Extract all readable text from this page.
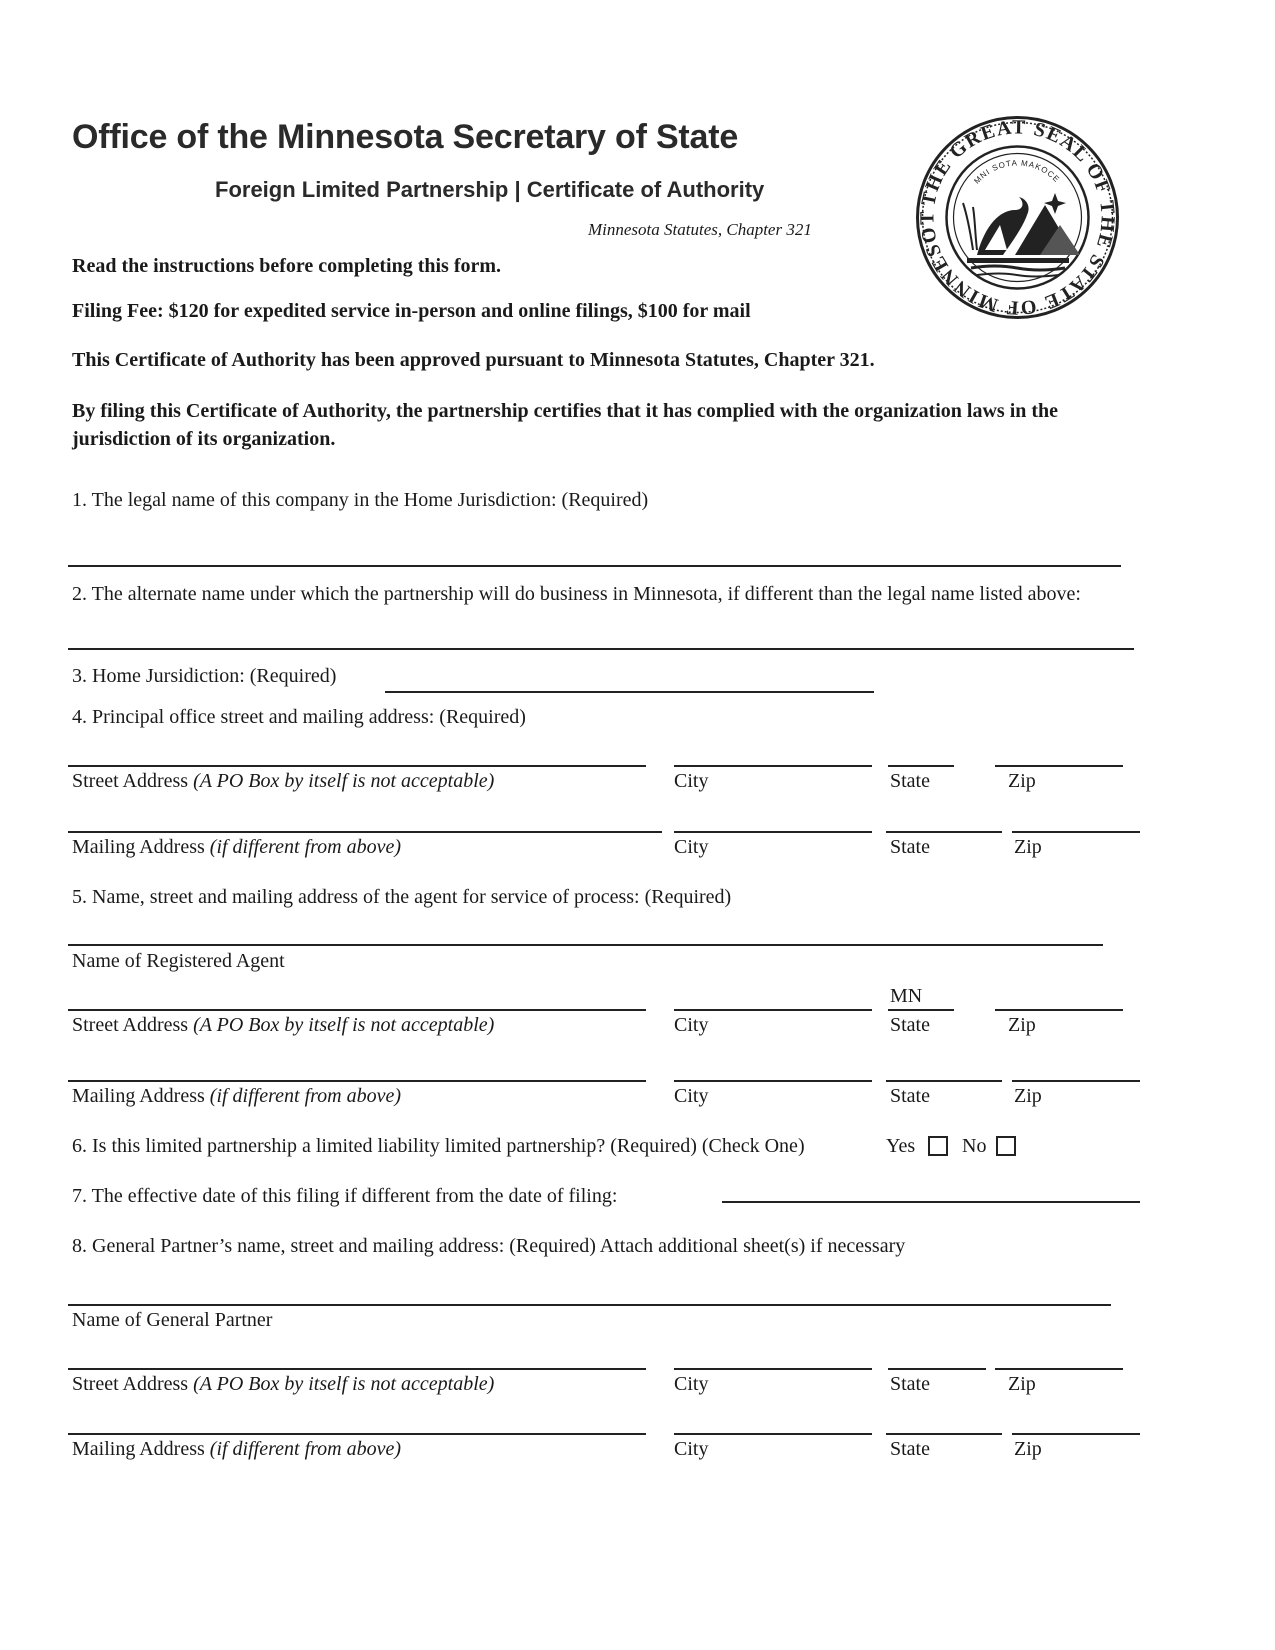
Office of the Minnesota Secretary of State
Foreign Limited Partnership | Certificate of Authority
Minnesota Statutes, Chapter 321
THE GREAT SEAL OF THE STATE OF MINNESOT
MNI SOTA MAKOCE
Read the instructions before completing this form.
Filing Fee: $120 for expedited service in-person and online filings, $100 for mail
This Certificate of Authority has been approved pursuant to Minnesota Statutes, Chapter 321.
By filing this Certificate of Authority, the partnership certifies that it has complied with the organization laws in the jurisdiction of its organization.
1. The legal name of this company in the Home Jurisdiction: (Required)
2. The alternate name under which the partnership will do business in Minnesota, if different than the legal name listed above:
3. Home Jursidiction: (Required)
4. Principal office street and mailing address: (Required)
Street Address (A PO Box by itself is not acceptable)	City	State	Zip
Mailing Address (if different from above)	City	State	Zip
5. Name, street and mailing address of the agent for service of process: (Required)
Name of Registered Agent
MN
Street Address (A PO Box by itself is not acceptable)	City	State	Zip
Mailing Address (if different from above)	City	State	Zip
6. Is this limited partnership a limited liability limited partnership? (Required) (Check One)	Yes No
7. The effective date of this filing if different from the date of filing:
8. General Partner’s name, street and mailing address: (Required) Attach additional sheet(s) if necessary
Name of General Partner
Street Address (A PO Box by itself is not acceptable)	City	State	Zip
Mailing Address (if different from above)	City	State	Zip
